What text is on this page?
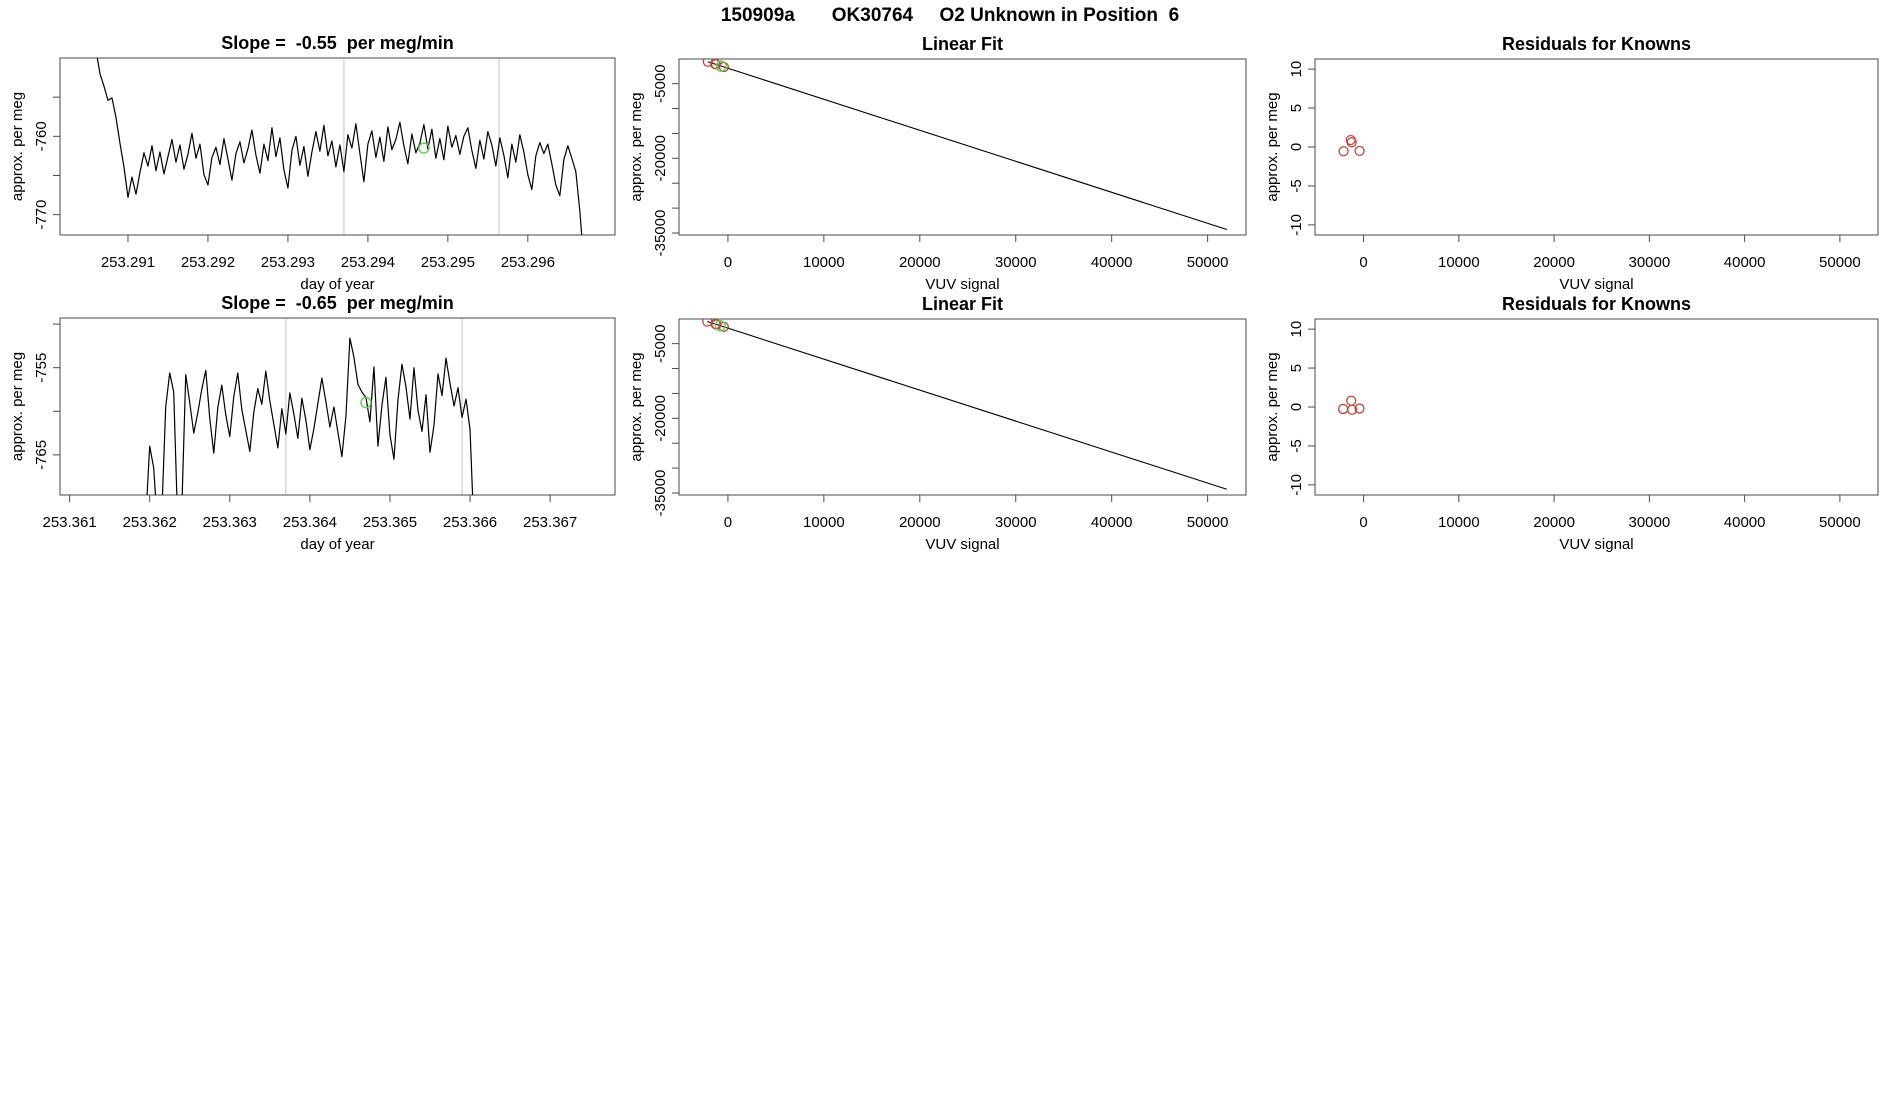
150909a       OK30764     O2 Unknown in Position  6
253.291 253.292 253.293 253.294 253.295 253.296
-770
-760
Slope =  -0.55  per meg/min
day of year
approx. per meg
0	10000	20000	30000	40000	50000
-35000
-20000
-5000
Linear Fit
VUV signal
approx. per meg
0	10000	20000	30000	40000	50000
-10
-5
0
5
10
Residuals for Knowns
VUV signal
approx. per meg
253.361 253.362 253.363 253.364 253.365 253.366 253.367
-765
-755
Slope =  -0.65  per meg/min
day of year
approx. per meg
0	10000	20000	30000	40000	50000
-35000
-20000
-5000
Linear Fit
VUV signal
approx. per meg
0	10000	20000	30000	40000	50000
-10
-5
0
5
10
Residuals for Knowns
VUV signal
approx. per meg
